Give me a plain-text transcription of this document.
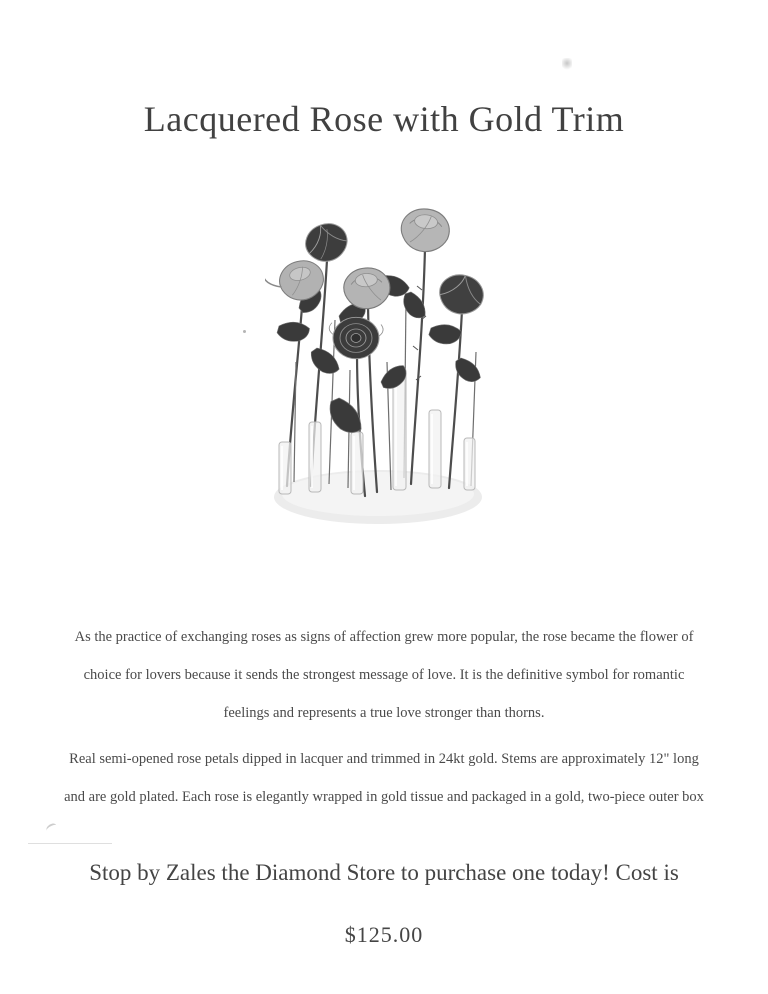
Lacquered Rose with Gold Trim

As the practice of exchanging roses as signs of affection grew more popular, the rose became the flower of choice for lovers because it sends the strongest message of love. It is the definitive symbol for romantic feelings and represents a true love stronger than thorns.

Real semi-opened rose petals dipped in lacquer and trimmed in 24kt gold. Stems are approximately 12" long and are gold plated. Each rose is elegantly wrapped in gold tissue and packaged in a gold, two-piece outer box

Stop by Zales the Diamond Store to purchase one today! Cost is

$125.00
